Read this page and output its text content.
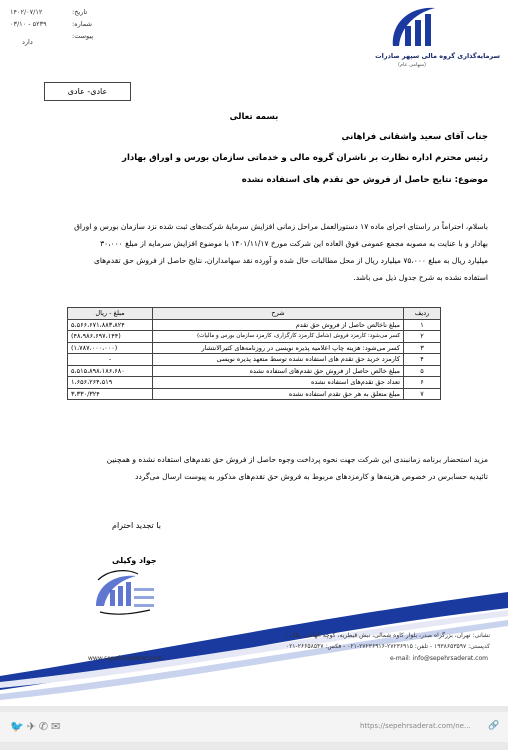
سرمایه‌گذاری گروه مالی سپهر صادرات
(سهامی عام)
تاریخ:
۱۴۰۲/۰۷/۱۲
شماره:
۰۳/۱۰ - ۵۲۳۹
پیوست:
دارد
عادی- عادی
بسمه تعالی
جناب آقای سعید واشقانی فراهانی
رئیس محترم اداره نظارت بر ناشران گروه مالی و خدماتی سازمان بورس و اوراق بهادار
موضوع: نتایج حاصل از فروش حق تقدم های استفاده نشده
باسلام، احتراماً در راستای اجرای ماده ۱۷ دستورالعمل مراحل زمانی افزایش سرمایهٔ شرکت‌های ثبت شده نزد سازمان بورس و اوراق
بهادار و با عنایت به مصوبه مجمع عمومی فوق العاده این شرکت مورخ ۱۴۰۱/۱۱/۱۷ با موضوع افزایش سرمایه از مبلغ ۳۰،۰۰۰
میلیارد ریال به مبلغ ۷۵،۰۰۰ میلیارد ریال از محل مطالبات حال شده و آورده نقد سهامداران، نتایج حاصل از فروش حق تقدم‌های
استفاده نشده به شرح جدول ذیل می باشد.
ردیف	شرح	مبلغ - ریال
۱	مبلغ ناخالص حاصل از فروش حق تقدم	۵،۵۶۶،۶۷۱،۸۸۳،۸۲۴
۲	کسر می‌شود: کارمزد فروش (شامل کارمزد کارگزاری، کارمزد سازمان بورس و مالیات)	(۴۸،۹۸۶،۶۹۷،۱۴۴)
۳	کسر می‌شود: هزینه چاپ اعلامیه پذیره نویسی در روزنامه‌های کثیرالانتشار	(۱،۷۸۷،۰۰۰،۰۰۰)
۴	کارمزد خرید حق تقدم های استفاده نشده توسط متعهد پذیره نویسی	-
۵	مبلغ خالص حاصل از فروش حق تقدم‌های استفاده نشده	۵،۵۱۵،۸۹۸،۱۸۶،۶۸۰
۶	تعداد حق تقدم‌های استفاده نشده	۱،۶۵۶،۲۶۴،۵۱۹
۷	مبلغ متعلق به هر حق تقدم استفاده نشده	۳،۳۳۰/۳۲۴
مزید استحضار برنامه زمانبندی این شرکت جهت نحوه پرداخت وجوه حاصل از فروش حق تقدم‌های استفاده نشده و همچنین
تائیدیه حسابرس در خصوص هزینه‌ها و کارمزدهای مربوط به فروش حق تقدم‌های مذکور به پیوست ارسال می‌گردد
با تجدید احترام
جواد وکیلی
نشانی: تهران، بزرگراه صدر، بلوار کاوه شمالی، نبش قیطریه، کوچه الهامی، پلاک ۱
کدپستی: ۱۹۳۸۶۵۳۵۹۷ - تلفن: ۲۷۲۳۶۹۱۵-۲۷۲۳۶۹۱۶-۰۲۱ - فکس: ۲۶۶۵۸۵۴۷-۰۲۱
e-mail: info@sepehrsaderat.com
www.sepehrsaderat.com
🐦✈✆✉	https://sepehrsaderat.com/ne... 🔗
